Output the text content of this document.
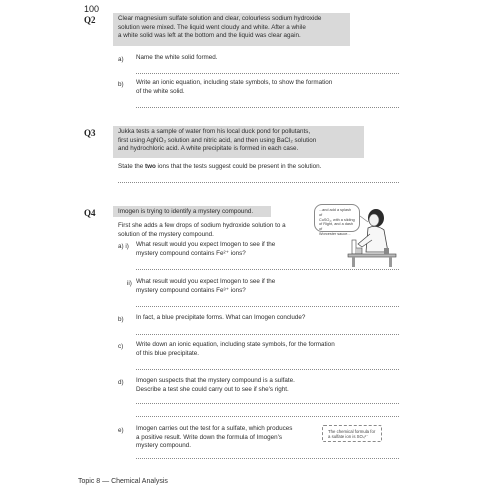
100
Q2	Clear magnesium sulfate solution and clear, colourless sodium hydroxide
solution were mixed. The liquid went cloudy and white. After a while
a white solid was left at the bottom and the liquid was clear again.
a) Name the white solid formed.
b) Write an ionic equation, including state symbols, to show the formation
of the white solid.
Q3	Jukka tests a sample of water from his local duck pond for pollutants,
first using AgNO₃ solution and nitric acid, and then using BaCl₂ solution
and hydrochloric acid. A white precipitate is formed in each case.
State the two ions that the tests suggest could be present in the solution.
Q4	Imogen is trying to identify a mystery compound.
First she adds a few drops of sodium hydroxide solution to a
solution of the mystery compound.
...and add a splash of
CuSO₄, with a sliding
of Right, and a dash of
Worcester sauce...
a) i) What result would you expect Imogen to see if the
mystery compound contains Fe²⁺ ions?
ii) What result would you expect Imogen to see if the
mystery compound contains Fe³⁺ ions?
b) In fact, a blue precipitate forms. What can Imogen conclude?
c) Write down an ionic equation, including state symbols, for the formation
of this blue precipitate.
d) Imogen suspects that the mystery compound is a sulfate.
Describe a test she could carry out to see if she's right.
e) Imogen carries out the test for a sulfate, which produces
a positive result. Write down the formula of Imogen's
mystery compound.
The chemical formula for
a sulfate ion is SO₄²⁻
Topic 8 — Chemical Analysis
